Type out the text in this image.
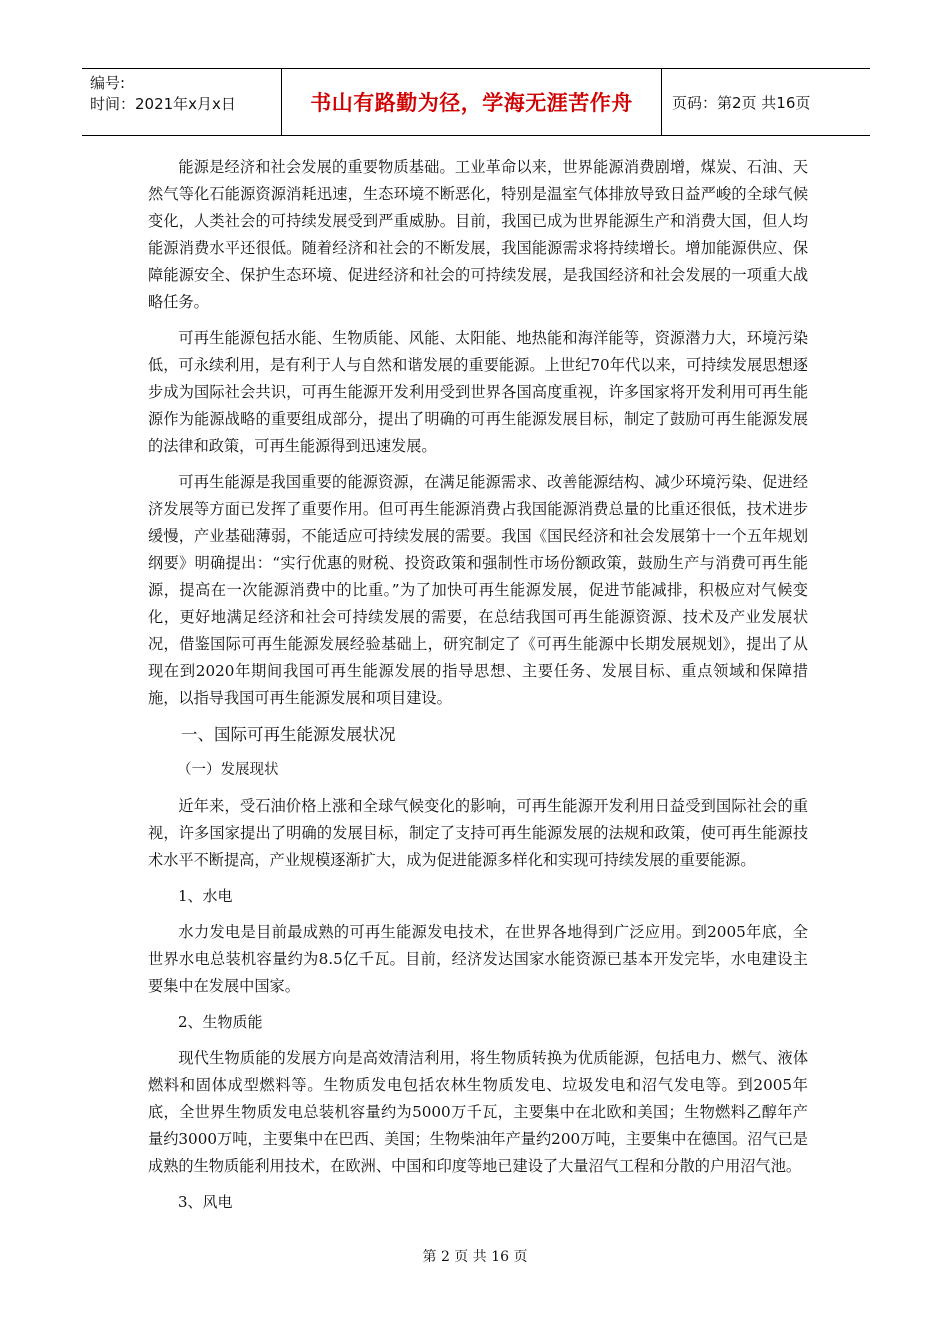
编号:
时间：2021年x月x日	书山有路勤为径，学海无涯苦作舟	页码：第2页 共16页

能源是经济和社会发展的重要物质基础。工业革命以来，世界能源消费剧增，煤炭、石油、天然气等化石能源资源消耗迅速，生态环境不断恶化，特别是温室气体排放导致日益严峻的全球气候变化，人类社会的可持续发展受到严重威胁。目前，我国已成为世界能源生产和消费大国，但人均能源消费水平还很低。随着经济和社会的不断发展，我国能源需求将持续增长。增加能源供应、保障能源安全、保护生态环境、促进经济和社会的可持续发展，是我国经济和社会发展的一项重大战略任务。

可再生能源包括水能、生物质能、风能、太阳能、地热能和海洋能等，资源潜力大，环境污染低，可永续利用，是有利于人与自然和谐发展的重要能源。上世纪70年代以来，可持续发展思想逐步成为国际社会共识，可再生能源开发利用受到世界各国高度重视，许多国家将开发利用可再生能源作为能源战略的重要组成部分，提出了明确的可再生能源发展目标，制定了鼓励可再生能源发展的法律和政策，可再生能源得到迅速发展。

可再生能源是我国重要的能源资源，在满足能源需求、改善能源结构、减少环境污染、促进经济发展等方面已发挥了重要作用。但可再生能源消费占我国能源消费总量的比重还很低，技术进步缓慢，产业基础薄弱，不能适应可持续发展的需要。我国《国民经济和社会发展第十一个五年规划纲要》明确提出：“实行优惠的财税、投资政策和强制性市场份额政策，鼓励生产与消费可再生能源，提高在一次能源消费中的比重。”为了加快可再生能源发展，促进节能减排，积极应对气候变化，更好地满足经济和社会可持续发展的需要，在总结我国可再生能源资源、技术及产业发展状况，借鉴国际可再生能源发展经验基础上，研究制定了《可再生能源中长期发展规划》，提出了从现在到2020年期间我国可再生能源发展的指导思想、主要任务、发展目标、重点领域和保障措施，以指导我国可再生能源发展和项目建设。

一、国际可再生能源发展状况

（一）发展现状

近年来，受石油价格上涨和全球气候变化的影响，可再生能源开发利用日益受到国际社会的重视，许多国家提出了明确的发展目标，制定了支持可再生能源发展的法规和政策，使可再生能源技术水平不断提高，产业规模逐渐扩大，成为促进能源多样化和实现可持续发展的重要能源。

1、水电

水力发电是目前最成熟的可再生能源发电技术，在世界各地得到广泛应用。到2005年底，全世界水电总装机容量约为8.5亿千瓦。目前，经济发达国家水能资源已基本开发完毕，水电建设主要集中在发展中国家。

2、生物质能

现代生物质能的发展方向是高效清洁利用，将生物质转换为优质能源，包括电力、燃气、液体燃料和固体成型燃料等。生物质发电包括农林生物质发电、垃圾发电和沼气发电等。到2005年底，全世界生物质发电总装机容量约为5000万千瓦，主要集中在北欧和美国；生物燃料乙醇年产量约3000万吨，主要集中在巴西、美国；生物柴油年产量约200万吨，主要集中在德国。沼气已是成熟的生物质能利用技术，在欧洲、中国和印度等地已建设了大量沼气工程和分散的户用沼气池。

3、风电

第 2 页 共 16 页
